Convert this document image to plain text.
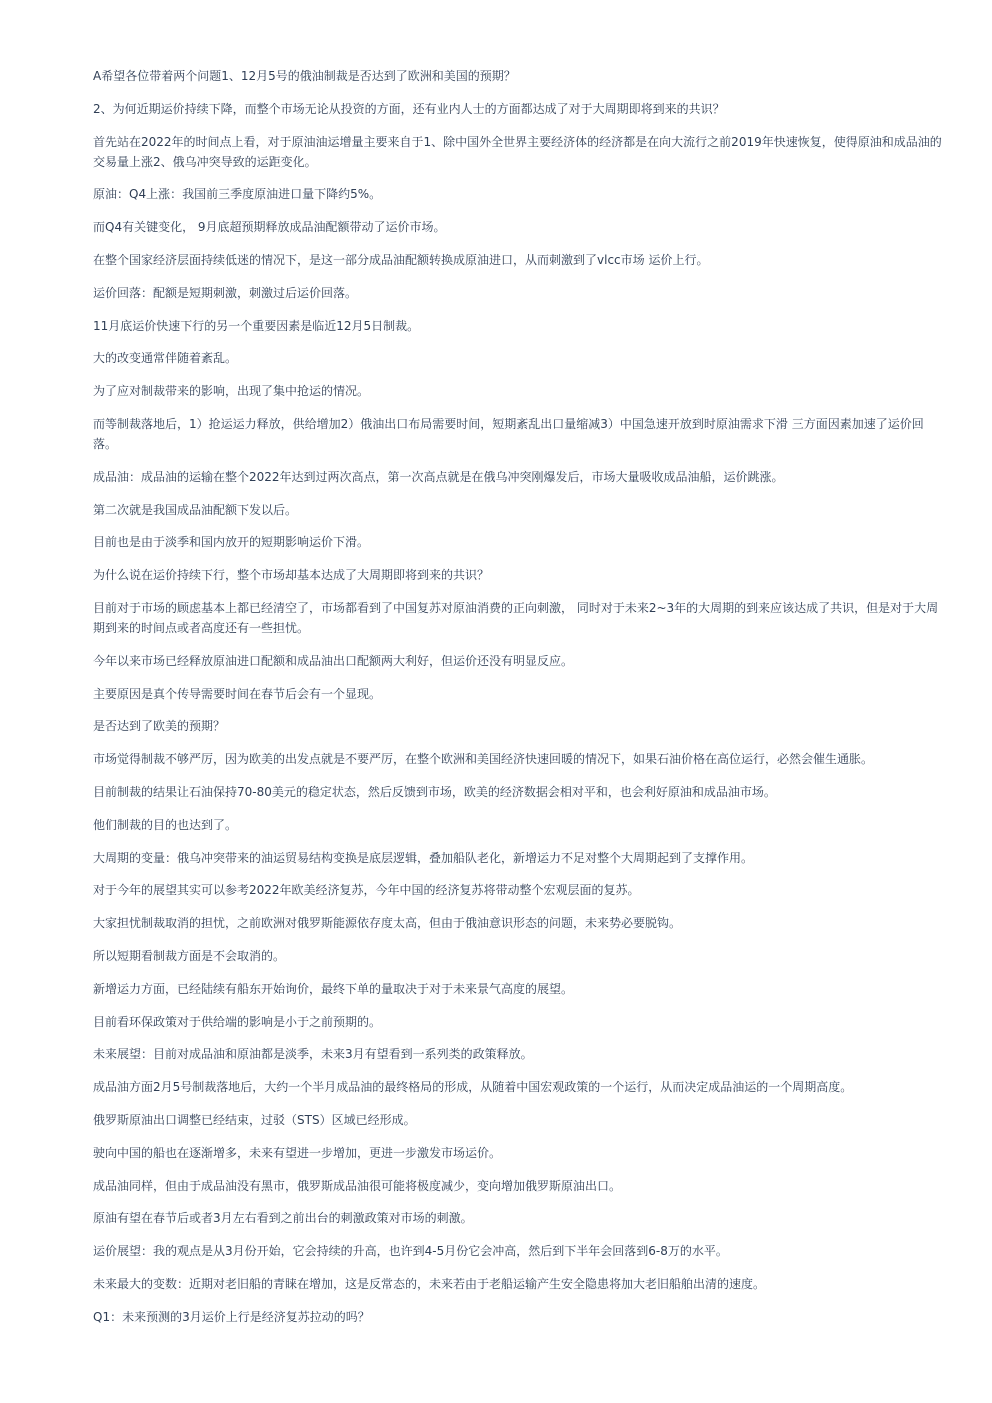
A希望各位带着两个问题1、12月5号的俄油制裁是否达到了欧洲和美国的预期？

2、为何近期运价持续下降，而整个市场无论从投资的方面，还有业内人士的方面都达成了对于大周期即将到来的共识？

首先站在2022年的时间点上看，对于原油油运增量主要来自于1、除中国外全世界主要经济体的经济都是在向大流行之前2019年快速恢复，使得原油和成品油的交易量上涨2、俄乌冲突导致的运距变化。

原油：Q4上涨：我国前三季度原油进口量下降约5%。

而Q4有关键变化， 9月底超预期释放成品油配额带动了运价市场。

在整个国家经济层面持续低迷的情况下，是这一部分成品油配额转换成原油进口，从而刺激到了vlcc市场 运价上行。

运价回落：配额是短期刺激，刺激过后运价回落。

11月底运价快速下行的另一个重要因素是临近12月5日制裁。

大的改变通常伴随着紊乱。

为了应对制裁带来的影响，出现了集中抢运的情况。

而等制裁落地后，1）抢运运力释放，供给增加2）俄油出口布局需要时间，短期紊乱出口量缩减3）中国急速开放到时原油需求下滑 三方面因素加速了运价回落。

成品油：成品油的运输在整个2022年达到过两次高点，第一次高点就是在俄乌冲突刚爆发后，市场大量吸收成品油船，运价跳涨。

第二次就是我国成品油配额下发以后。

目前也是由于淡季和国内放开的短期影响运价下滑。

为什么说在运价持续下行，整个市场却基本达成了大周期即将到来的共识？

目前对于市场的顾虑基本上都已经清空了，市场都看到了中国复苏对原油消费的正向刺激， 同时对于未来2~3年的大周期的到来应该达成了共识，但是对于大周期到来的时间点或者高度还有一些担忧。

今年以来市场已经释放原油进口配额和成品油出口配额两大利好，但运价还没有明显反应。

主要原因是真个传导需要时间在春节后会有一个显现。

是否达到了欧美的预期？

市场觉得制裁不够严厉，因为欧美的出发点就是不要严厉，在整个欧洲和美国经济快速回暖的情况下，如果石油价格在高位运行，必然会催生通胀。

目前制裁的结果让石油保持70-80美元的稳定状态，然后反馈到市场，欧美的经济数据会相对平和，也会利好原油和成品油市场。

他们制裁的目的也达到了。

大周期的变量：俄乌冲突带来的油运贸易结构变换是底层逻辑，叠加船队老化，新增运力不足对整个大周期起到了支撑作用。

对于今年的展望其实可以参考2022年欧美经济复苏，今年中国的经济复苏将带动整个宏观层面的复苏。

大家担忧制裁取消的担忧，之前欧洲对俄罗斯能源依存度太高，但由于俄油意识形态的问题，未来势必要脱钩。

所以短期看制裁方面是不会取消的。

新增运力方面，已经陆续有船东开始询价，最终下单的量取决于对于未来景气高度的展望。

目前看环保政策对于供给端的影响是小于之前预期的。

未来展望：目前对成品油和原油都是淡季，未来3月有望看到一系列类的政策释放。

成品油方面2月5号制裁落地后，大约一个半月成品油的最终格局的形成，从随着中国宏观政策的一个运行，从而决定成品油运的一个周期高度。

俄罗斯原油出口调整已经结束，过驳（STS）区域已经形成。

驶向中国的船也在逐渐增多，未来有望进一步增加，更进一步激发市场运价。

成品油同样，但由于成品油没有黑市，俄罗斯成品油很可能将极度减少，变向增加俄罗斯原油出口。

原油有望在春节后或者3月左右看到之前出台的刺激政策对市场的刺激。

运价展望：我的观点是从3月份开始，它会持续的升高，也许到4-5月份它会冲高，然后到下半年会回落到6-8万的水平。

未来最大的变数：近期对老旧船的青睐在增加，这是反常态的，未来若由于老船运输产生安全隐患将加大老旧船舶出清的速度。

Q1：未来预测的3月运价上行是经济复苏拉动的吗？
